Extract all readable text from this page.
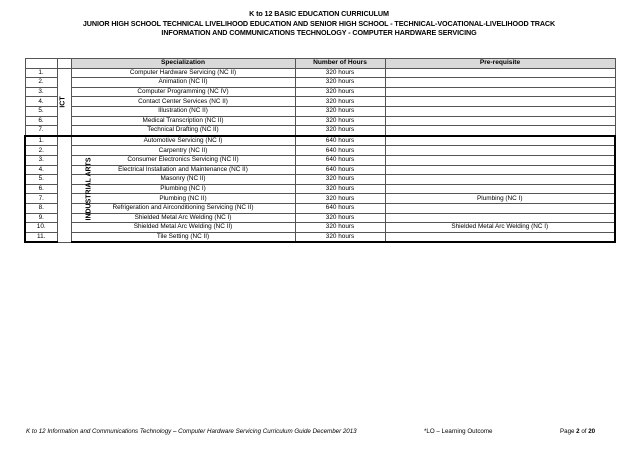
K to 12 BASIC EDUCATION CURRICULUM
JUNIOR HIGH SCHOOL TECHNICAL LIVELIHOOD EDUCATION AND SENIOR HIGH SCHOOL - TECHNICAL-VOCATIONAL-LIVELIHOOD TRACK
INFORMATION AND COMMUNICATIONS TECHNOLOGY - COMPUTER HARDWARE SERVICING
		Specialization	Number of Hours	Pre-requisite
1.	ICT	Computer Hardware Servicing (NC II)	320 hours	
2.		Animation (NC II)	320 hours	
3.		Computer Programming (NC IV)	320 hours	
4.		Contact Center Services (NC II)	320 hours	
5.		Illustration (NC II)	320 hours	
6.		Medical Transcription (NC II)	320 hours	
7.		Technical Drafting (NC II)	320 hours	
1.	INDUSTRIAL ARTS	Automotive Servicing (NC I)	640 hours	
2.		Carpentry (NC II)	640 hours	
3.		Consumer Electronics Servicing (NC II)	640 hours	
4.		Electrical Installation and Maintenance (NC II)	640 hours	
5.		Masonry (NC II)	320 hours	
6.		Plumbing (NC I)	320 hours	
7.		Plumbing (NC II)	320 hours	Plumbing (NC I)
8.		Refrigeration and Airconditioning Servicing (NC II)	640 hours	
9.		Shielded Metal Arc Welding (NC I)	320 hours	
10.		Shielded Metal Arc Welding (NC II)	320 hours	Shielded Metal Arc Welding (NC I)
11.		Tile Setting (NC II)	320 hours	
K to 12 Information and Communications Technology – Computer Hardware Servicing Curriculum Guide December 2013	*LO – Learning Outcome	Page 2 of 20
